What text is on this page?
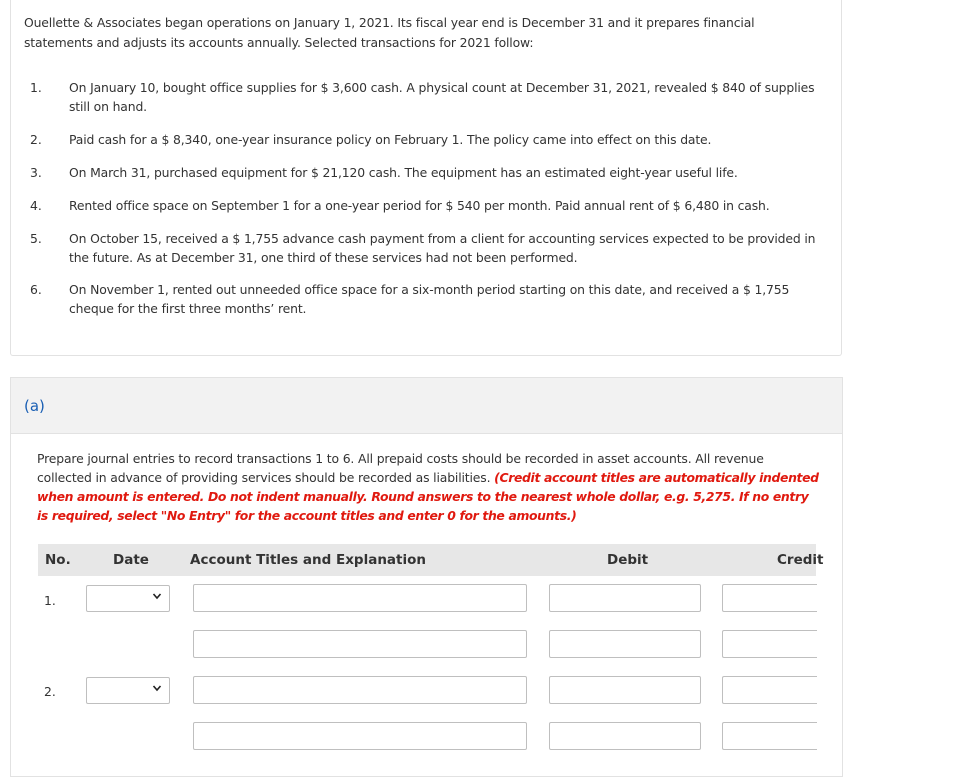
Ouellette & Associates began operations on January 1, 2021. Its fiscal year end is December 31 and it prepares financial statements and adjusts its accounts annually. Selected transactions for 2021 follow:
1. On January 10, bought office supplies for $ 3,600 cash. A physical count at December 31, 2021, revealed $ 840 of supplies still on hand.
2. Paid cash for a $ 8,340, one-year insurance policy on February 1. The policy came into effect on this date.
3. On March 31, purchased equipment for $ 21,120 cash. The equipment has an estimated eight-year useful life.
4. Rented office space on September 1 for a one-year period for $ 540 per month. Paid annual rent of $ 6,480 in cash.
5. On October 15, received a $ 1,755 advance cash payment from a client for accounting services expected to be provided in the future. As at December 31, one third of these services had not been performed.
6. On November 1, rented out unneeded office space for a six-month period starting on this date, and received a $ 1,755 cheque for the first three months’ rent.
(a)
Prepare journal entries to record transactions 1 to 6. All prepaid costs should be recorded in asset accounts. All revenue collected in advance of providing services should be recorded as liabilities. (Credit account titles are automatically indented when amount is entered. Do not indent manually. Round answers to the nearest whole dollar, e.g. 5,275. If no entry is required, select "No Entry" for the account titles and enter 0 for the amounts.)
No.	Date	Account Titles and Explanation	Debit	Credit
1.
2.
